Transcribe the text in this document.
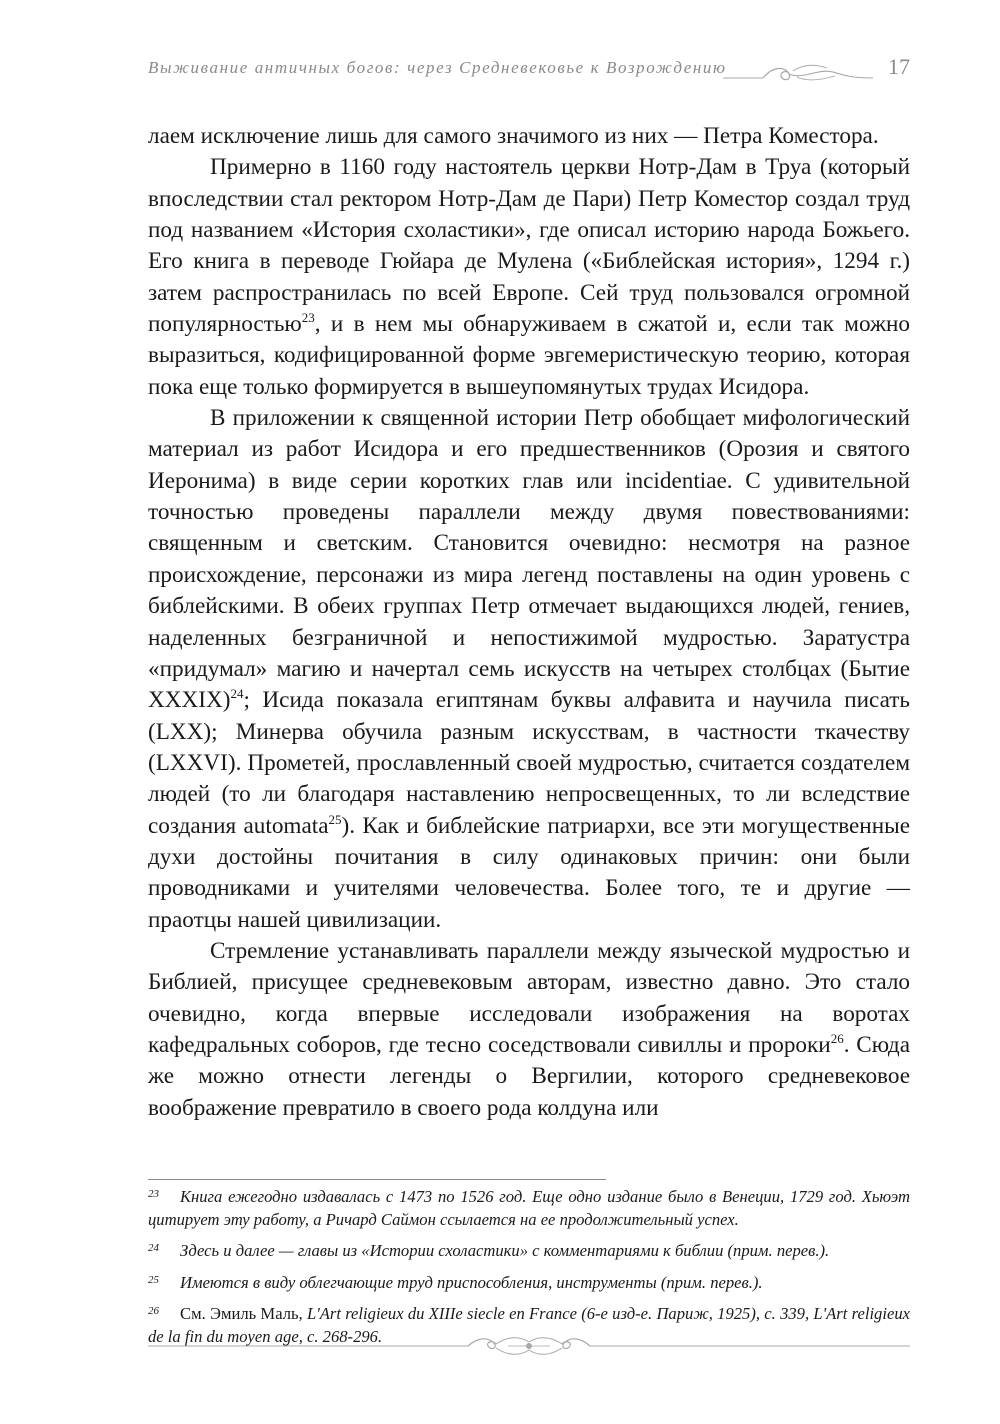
Выживание античных богов: через Средневековье к Возрождению	17

лаем исключение лишь для самого значимого из них — Петра Коместора.

Примерно в 1160 году настоятель церкви Нотр-Дам в Труа (который впоследствии стал ректором Нотр-Дам де Пари) Петр Коместор создал труд под названием «История схоластики», где описал историю народа Божьего. Его книга в переводе Гюйара де Мулена («Библейская история», 1294 г.) затем распространилась по всей Европе. Сей труд пользовался огромной популярностью$^{23}$, и в нем мы обнаруживаем в сжатой и, если так можно выразиться, кодифицированной форме эвгемеристическую теорию, которая пока еще только формируется в вышеупомянутых трудах Исидора.

В приложении к священной истории Петр обобщает мифологический материал из работ Исидора и его предшественников (Орозия и святого Иеронима) в виде серии коротких глав или incidentiae. С удивительной точностью проведены параллели между двумя повествованиями: священным и светским. Становится очевидно: несмотря на разное происхождение, персонажи из мира легенд поставлены на один уровень с библейскими. В обеих группах Петр отмечает выдающихся людей, гениев, наделенных безграничной и непостижимой мудростью. Заратустра «придумал» магию и начертал семь искусств на четырех столбцах (Бытие XXXIX)$^{24}$; Исида показала египтянам буквы алфавита и научила писать (LXX); Минерва обучила разным искусствам, в частности ткачеству (LXXVI). Прометей, прославленный своей мудростью, считается создателем людей (то ли благодаря наставлению непросвещенных, то ли вследствие создания automata$^{25}$). Как и библейские патриархи, все эти могущественные духи достойны почитания в силу одинаковых причин: они были проводниками и учителями человечества. Более того, те и другие — праотцы нашей цивилизации.

Стремление устанавливать параллели между языческой мудростью и Библией, присущее средневековым авторам, известно давно. Это стало очевидно, когда впервые исследовали изображения на воротах кафедральных соборов, где тесно соседствовали сивиллы и пророки$^{26}$. Сюда же можно отнести легенды о Вергилии, которого средневековое воображение превратило в своего рода колдуна или

23 Книга ежегодно издавалась с 1473 по 1526 год. Еще одно издание было в Венеции, 1729 год. Хьюэт цитирует эту работу, а Ричард Саймон ссылается на ее продолжительный успех.

24 Здесь и далее — главы из «Истории схоластики» с комментариями к библии (прим. перев.).

25 Имеются в виду облегчающие труд приспособления, инструменты (прим. перев.).

26 См. Эмиль Маль, L'Art religieux du XIIIe siecle en France (6-е изд-е. Париж, 1925), с. 339, L'Art religieux de la fin du moyen age, с. 268-296.
